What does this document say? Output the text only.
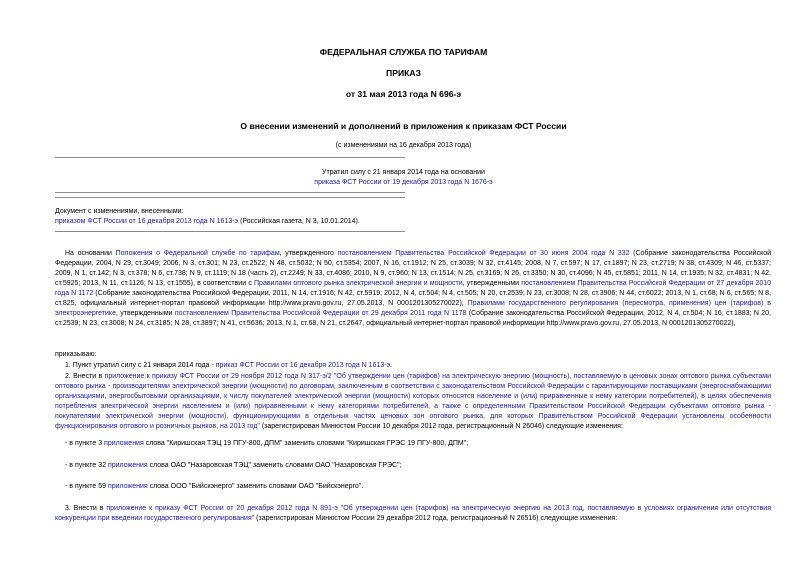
ФЕДЕРАЛЬНАЯ СЛУЖБА ПО ТАРИФАМ
ПРИКАЗ
от 31 мая 2013 года N 696-э
О внесении изменений и дополнений в приложения к приказам ФСТ России
(с изменениями на 16 декабря 2013 года)
Утратил силу с 21 января 2014 года на основании
приказа ФСТ России от 19 декабря 2013 года N 1676-э
Документ с изменениями, внесенными:
приказом ФСТ России от 16 декабря 2013 года N 1613-э (Российская газета, N 3, 10.01.2014).
На основании Положения о Федеральной службе по тарифам, утвержденного постановлением Правительства Российской Федерации от 30 июня 2004 года N 332 (Собрание законодательства Российской Федерации, 2004, N 29, ст.3049; 2006, N 3, ст.301; N 23, ст.2522; N 48, ст.5032; N 50, ст.5354; 2007, N 16, ст.1912; N 25, ст.3039; N 32, ст.4145; 2008, N 7, ст.597; N 17, ст.1897; N 23, ст.2719; N 38, ст.4309; N 46, ст.5337; 2009, N 1, ст.142; N 3, ст.378; N 6, ст.738; N 9, ст.1119; N 18 (часть 2), ст.2249; N 33, ст.4086; 2010, N 9, ст.960; N 13, ст.1514; N 25, ст.3169; N 26, ст.3350; N 30, ст.4096; N 45, ст.5851; 2011, N 14, ст.1935; N 32, ст.4831; N 42, ст.5925; 2013, N 11, ст.1126; N 13, ст.1555), в соответствии с Правилами оптового рынка электрической энергии и мощности, утвержденными постановлением Правительства Российской Федерации от 27 декабря 2010 года N 1172 (Собрание законодательства Российской Федерации, 2011, N 14, ст.1916; N 42, ст.5919; 2012, N 4, ст.504; N 4, ст.505; N 20, ст.2539; N 23, ст.3008; N 28, ст.3906; N 44, ст.6022; 2013, N 1, ст.68; N 6, ст.565; N 8, ст.825, официальный интернет-портал правовой информации http://www.pravo.gov.ru, 27.05.2013, N 0001201305270022), Правилами государственного регулирования (пересмотра, применения) цен (тарифов) в электроэнергетике, утвержденными постановлением Правительства Российской Федерации от 29 декабря 2011 года N 1178 (Собрание законодательства Российской Федерации, 2012, N 4, ст.504; N 16, ст.1883; N 20, ст.2539; N 23, ст.3008; N 24, ст.3185; N 28, ст.3897; N 41, ст.5636; 2013, N 1, ст.68, N 21, ст.2647, официальный интернет-портал правовой информации http://www.pravo.gov.ru, 27.05.2013, N 0001201305270022),
приказываю:
1. Пункт утратил силу с 21 января 2014 года - приказ ФСТ России от 16 декабря 2013 года N 1613-э.
2. Внести в приложение к приказу ФСТ России от 29 ноября 2012 года N 317-э/2 "Об утверждении цен (тарифов) на электрическую энергию (мощность), поставляемую в ценовых зонах оптового рынка субъектами оптового рынка - производителями электрической энергии (мощности) по договорам, заключенным в соответствии с законодательством Российской Федерации с гарантирующими поставщиками (энергоснабжающими организациями, энергосбытовыми организациями, к числу покупателей электрической энергии (мощности) которых относятся население и (или) приравненные к нему категории потребителей), в целях обеспечения потребления электрической энергии населением и (или) приравненными к нему категориями потребителей, а также с определенными Правительством Российской Федерации субъектами оптового рынка - покупателями электрической энергии (мощности), функционирующими в отдельных частях ценовых зон оптового рынка, для которых Правительством Российской Федерации установлены особенности функционирования оптового и розничных рынков, на 2013 год" (зарегистрирован Минюстом России 10 декабря 2012 года, регистрационный N 26046) следующие изменения:
- в пункте 3 приложения слова "Киришская ТЭЦ 19 ПГУ-800, ДПМ" заменить словами "Киришская ГРЭС 19 ПГУ-800, ДПМ";
- в пункте 32 приложения слова ОАО "Назаровская ТЭЦ" заменить словами ОАО "Назаровская ГРЭС";
- в пункте 59 приложения слова ООО "Бийскэнерго" заменить словами ОАО "Бийскэнерго".
3. Внести в приложение к приказу ФСТ России от 20 декабря 2012 года N 891-э "Об утверждении цен (тарифов) на электрическую энергию на 2013 год, поставляемую в условиях ограничения или отсутствия конкуренции при введении государственного регулирования" (зарегистрирован Минюстом России 29 декабря 2012 года, регистрационный N 26516) следующие изменения:
